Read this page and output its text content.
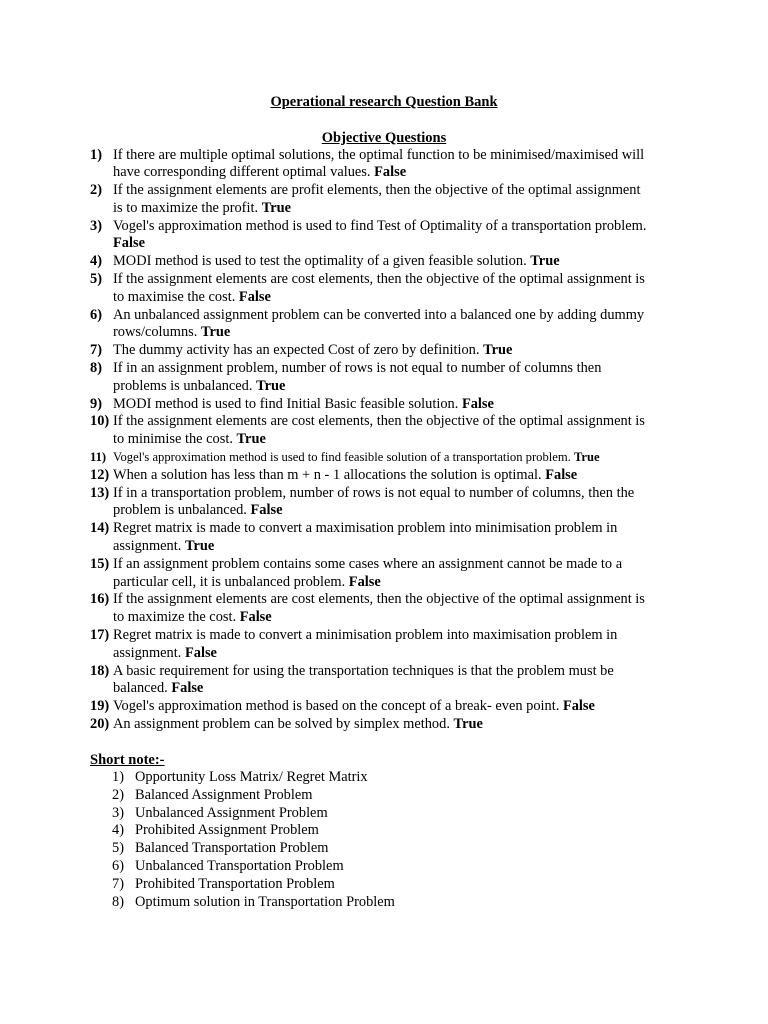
Operational research Question Bank
Objective Questions
1) If there are multiple optimal solutions, the optimal function to be minimised/maximised will
have corresponding different optimal values. False
2) If the assignment elements are profit elements, then the objective of the optimal assignment
is to maximize the profit. True
3) Vogel's approximation method is used to find Test of Optimality of a transportation problem.
False
4) MODI method is used to test the optimality of a given feasible solution. True
5) If the assignment elements are cost elements, then the objective of the optimal assignment is
to maximise the cost. False
6) An unbalanced assignment problem can be converted into a balanced one by adding dummy
rows/columns. True
7) The dummy activity has an expected Cost of zero by definition. True
8) If in an assignment problem, number of rows is not equal to number of columns then
problems is unbalanced. True
9) MODI method is used to find Initial Basic feasible solution. False
10) If the assignment elements are cost elements, then the objective of the optimal assignment is
to minimise the cost. True
11) Vogel's approximation method is used to find feasible solution of a transportation problem. True
12) When a solution has less than m + n - 1 allocations the solution is optimal. False
13) If in a transportation problem, number of rows is not equal to number of columns, then the
problem is unbalanced. False
14) Regret matrix is made to convert a maximisation problem into minimisation problem in
assignment. True
15) If an assignment problem contains some cases where an assignment cannot be made to a
particular cell, it is unbalanced problem. False
16) If the assignment elements are cost elements, then the objective of the optimal assignment is
to maximize the cost. False
17) Regret matrix is made to convert a minimisation problem into maximisation problem in
assignment. False
18) A basic requirement for using the transportation techniques is that the problem must be
balanced. False
19) Vogel's approximation method is based on the concept of a break- even point. False
20) An assignment problem can be solved by simplex method. True
Short note:-
1) Opportunity Loss Matrix/ Regret Matrix
2) Balanced Assignment Problem
3) Unbalanced Assignment Problem
4) Prohibited Assignment Problem
5) Balanced Transportation Problem
6) Unbalanced Transportation Problem
7) Prohibited Transportation Problem
8) Optimum solution in Transportation Problem
